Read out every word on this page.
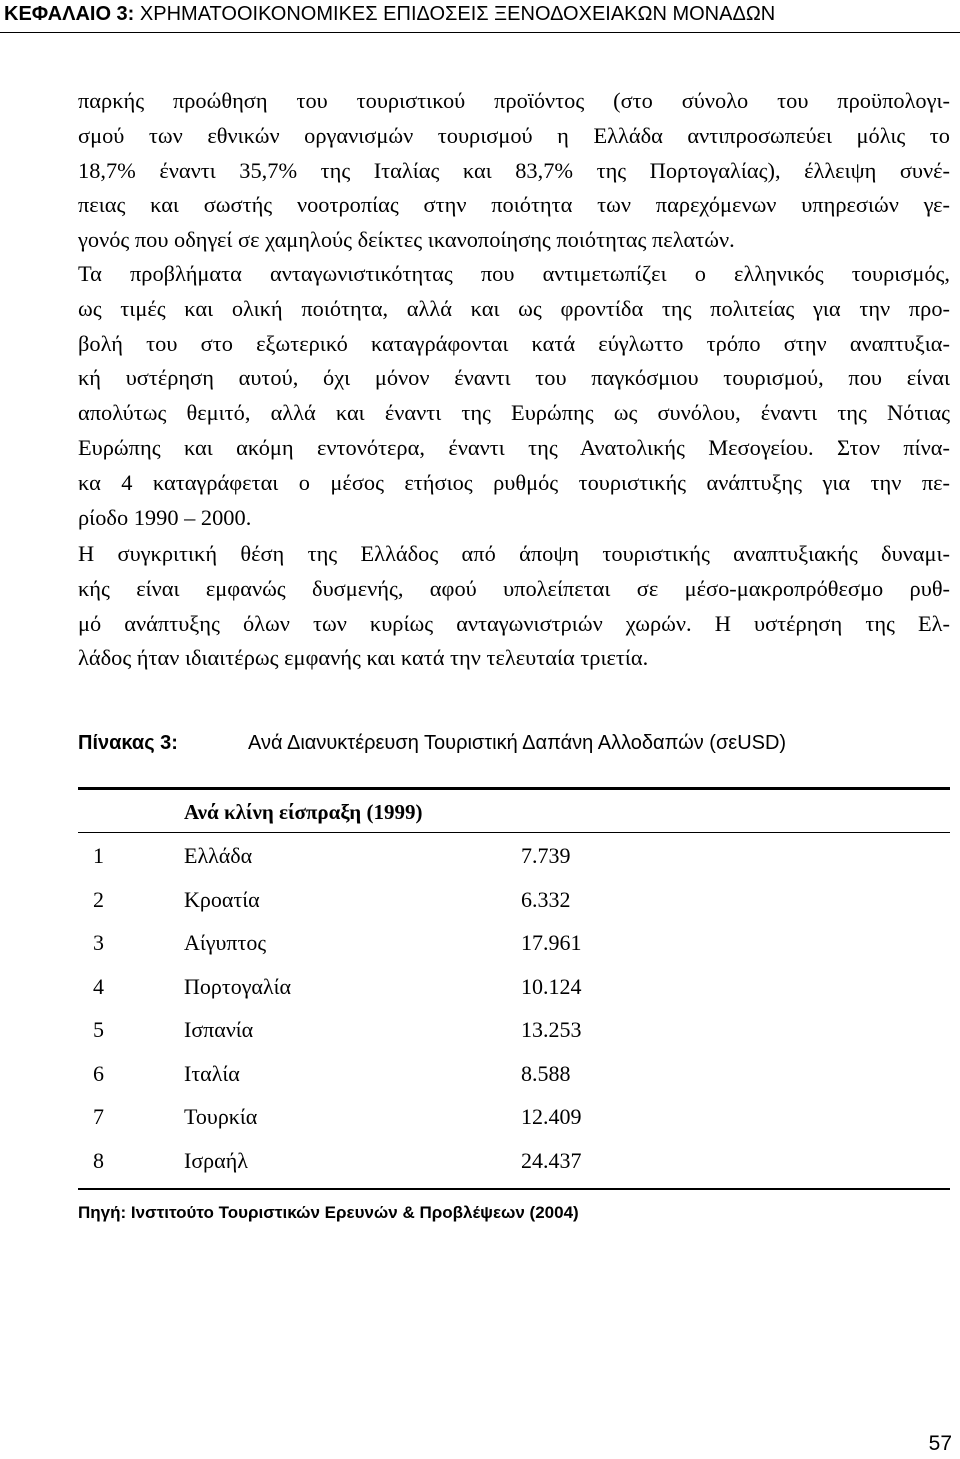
ΚΕΦΑΛΑΙΟ 3: ΧΡΗΜΑΤΟΟΙΚΟΝΟΜΙΚΕΣ ΕΠΙΔΟΣΕΙΣ ΞΕΝΟΔΟΧΕΙΑΚΩΝ ΜΟΝΑΔΩΝ
παρκής προώθηση του τουριστικού προϊόντος (στο σύνολο του προϋπολογι-
σμού των εθνικών οργανισμών τουρισμού η Ελλάδα αντιπροσωπεύει μόλις το
18,7% έναντι 35,7% της Ιταλίας και 83,7% της Πορτογαλίας), έλλειψη συνέ-
πειας και σωστής νοοτροπίας στην ποιότητα των παρεχόμενων υπηρεσιών γε-
γονός που οδηγεί σε χαμηλούς δείκτες ικανοποίησης ποιότητας πελατών.
Τα προβλήματα ανταγωνιστικότητας που αντιμετωπίζει ο ελληνικός τουρισμός,
ως τιμές και ολική ποιότητα, αλλά και ως φροντίδα της πολιτείας για την προ-
βολή του στο εξωτερικό καταγράφονται κατά εύγλωττο τρόπο στην αναπτυξια-
κή υστέρηση αυτού, όχι μόνον έναντι του παγκόσμιου τουρισμού, που είναι
απολύτως θεμιτό, αλλά και έναντι της Ευρώπης ως συνόλου, έναντι της Νότιας
Ευρώπης και ακόμη εντονότερα, έναντι της Ανατολικής Μεσογείου. Στον πίνα-
κα 4 καταγράφεται ο μέσος ετήσιος ρυθμός τουριστικής ανάπτυξης για την πε-
ρίοδο 1990 – 2000.
Η συγκριτική θέση της Ελλάδος από άποψη τουριστικής αναπτυξιακής δυναμι-
κής είναι εμφανώς δυσμενής, αφού υπολείπεται σε μέσο-μακροπρόθεσμο ρυθ-
μό ανάπτυξης όλων των κυρίως ανταγωνιστριών χωρών. Η υστέρηση της Ελ-
λάδος ήταν ιδιαιτέρως εμφανής και κατά την τελευταία τριετία.
Πίνακας 3:	Ανά Διανυκτέρευση Τουριστική Δαπάνη Αλλοδαπών (σεUSD)
Ανά κλίνη είσπραξη (1999)
1	Ελλάδα	7.739
2	Κροατία	6.332
3	Αίγυπτος	17.961
4	Πορτογαλία	10.124
5	Ισπανία	13.253
6	Ιταλία	8.588
7	Τουρκία	12.409
8	Ισραήλ	24.437
Πηγή: Ινστιτούτο Τουριστικών Ερευνών & Προβλέψεων (2004)
57
